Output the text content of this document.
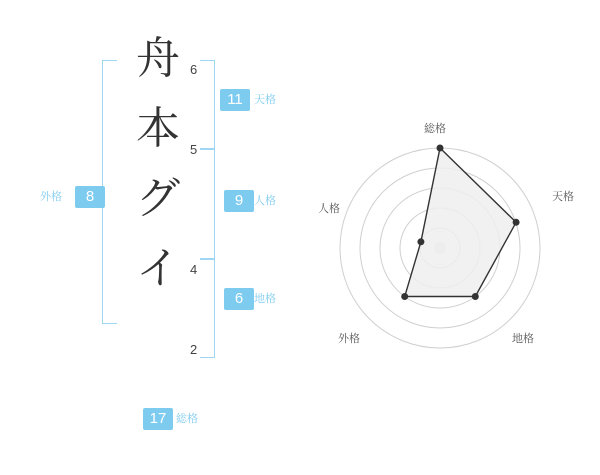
舟
本
グ
イ
6
5
4
2
外格	8
11	天格
9 人格
6 地格
17 総格
総格
天格
地格
外格
人格
